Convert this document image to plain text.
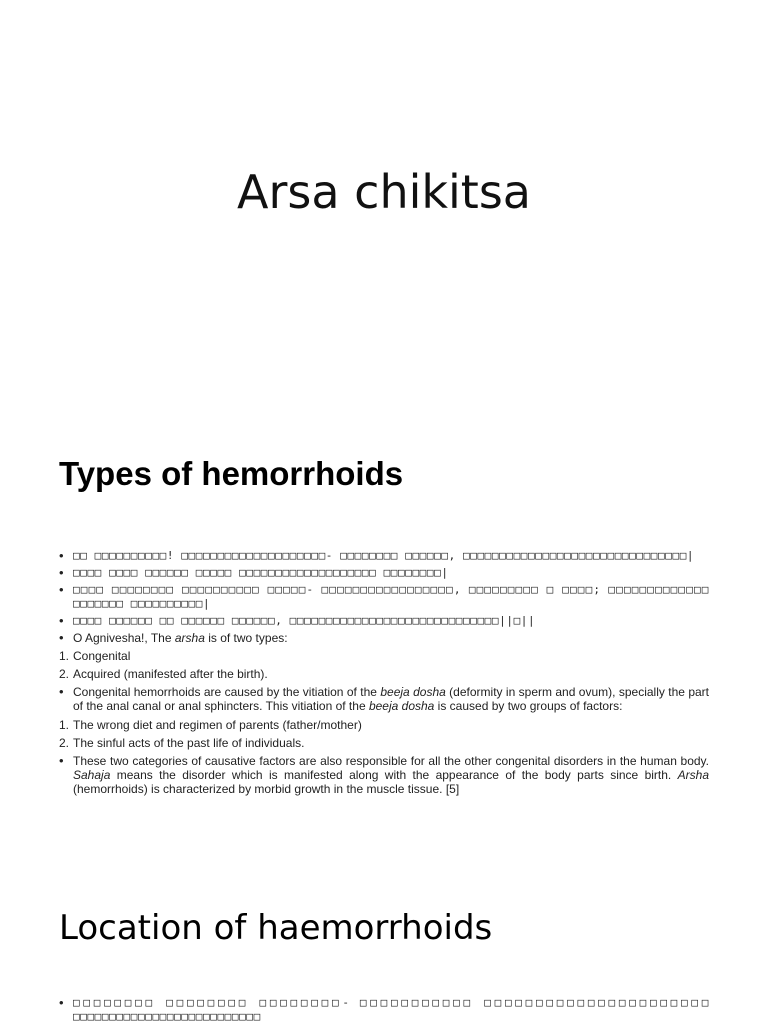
Arsa chikitsa
Types of hemorrhoids
• □□ □□□□□□□□□□! □□□□□□□□□□□□□□□□□□□□- □□□□□□□□ □□□□□□, □□□□□□□□□□□□□□□□□□□□□□□□□□□□□□□|
• □□□□ □□□□ □□□□□□ □□□□□ □□□□□□□□□□□□□□□□□□□ □□□□□□□□|
• □□□□ □□□□□□□□ □□□□□□□□□□ □□□□□- □□□□□□□□□□□□□□□□□, □□□□□□□□□ □ □□□□; □□□□□□□□□□□□□ □□□□□□□ □□□□□□□□□□|
• □□□□ □□□□□□ □□ □□□□□□ □□□□□□, □□□□□□□□□□□□□□□□□□□□□□□□□□□□□||□||
• O Agnivesha!, The arsha is of two types:
1. Congenital
2. Acquired (manifested after the birth).
• Congenital hemorrhoids are caused by the vitiation of the beeja dosha (deformity in sperm and ovum), specially the part of the anal canal or anal sphincters. This vitiation of the beeja dosha is caused by two groups of factors:
1. The wrong diet and regimen of parents (father/mother)
2. The sinful acts of the past life of individuals.
• These two categories of causative factors are also responsible for all the other congenital disorders in the human body. Sahaja means the disorder which is manifested along with the appearance of the body parts since birth. Arsha (hemorrhoids) is characterized by morbid growth in the muscle tissue. [5]
Location of haemorrhoids
• □□□□□□□□ □□□□□□□□ □□□□□□□□- □□□□□□□□□□□ □□□□□□□□□□□□□□□□□□□□□□ □□□□□□□□□□□□□□□□□□□□□□□□□□
